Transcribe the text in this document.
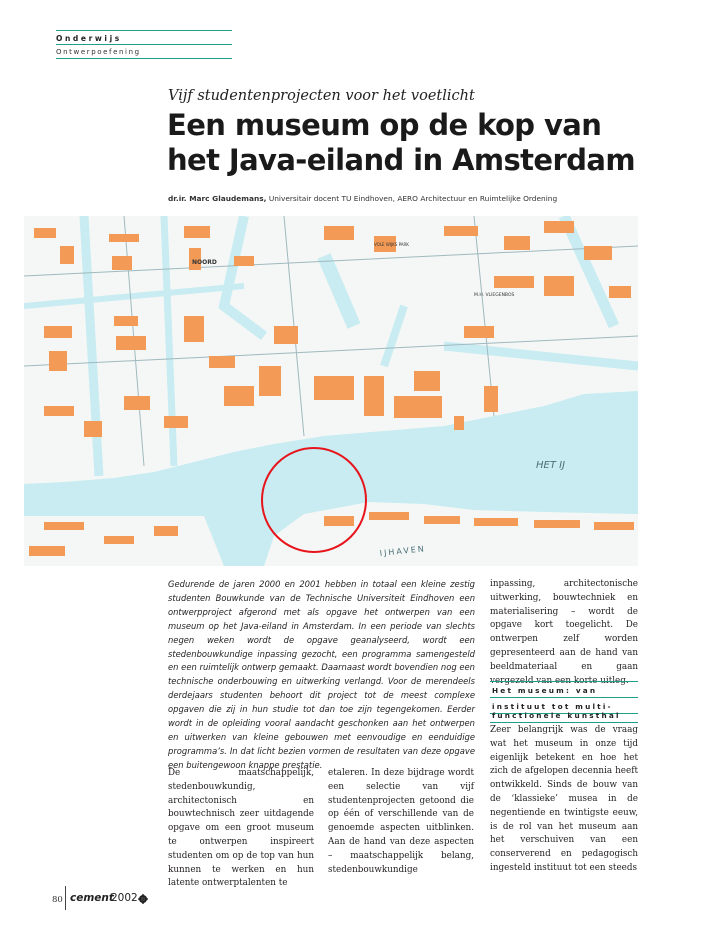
Onderwijs
Ontwerpoefening
Vijf studentenprojecten voor het voetlicht
Een museum op de kop van
het Java-eiland in Amsterdam
dr.ir. Marc Glaudemans, Universitair docent TU Eindhoven, AERO Architectuur en Ruimtelijke Ordening
NOORD
HET IJ
IJHAVEN
VOLE WIJKS PARK
M.H. VLIEGENBOS
Gedurende de jaren 2000 en 2001 hebben in totaal een kleine zestig studenten Bouwkunde van de Technische Universiteit Eindhoven een ontwerpproject afgerond met als opgave het ontwerpen van een museum op het Java-eiland in Amsterdam. In een periode van slechts negen weken wordt de opgave geanalyseerd, wordt een stedenbouwkundige inpassing gezocht, een programma samengesteld en een ruimtelijk ontwerp gemaakt. Daarnaast wordt bovendien nog een technische onderbouwing en uitwerking verlangd. Voor de merendeels derdejaars studenten behoort dit project tot de meest complexe opgaven die zij in hun studie tot dan toe zijn tegengekomen. Eerder wordt in de opleiding vooral aandacht geschonken aan het ontwerpen en uitwerken van kleine gebouwen met eenvoudige en eenduidige programma’s. In dat licht bezien vormen de resultaten van deze opgave een buitengewoon knappe prestatie.
De maatschappelijk, stedenbouwkundig, architectonisch en bouwtechnisch zeer uitdagende opgave om een groot museum te ontwerpen inspireert studenten om op de top van hun kunnen te werken en hun latente ontwerptalenten te
etaleren. In deze bijdrage wordt een selectie van vijf studentenprojecten getoond die op één of verschillende van de genoemde aspecten uitblinken. Aan de hand van deze aspecten – maatschappelijk belang, stedenbouwkundige
inpassing, architectonische uitwerking, bouwtechniek en materialisering – wordt de opgave kort toegelicht. De ontwerpen zelf worden gepresenteerd aan de hand van beeldmateriaal en gaan vergezeld van een korte uitleg.
Het museum: van
instituut tot multi-
functionele kunsthal
Zeer belangrijk was de vraag wat het museum in onze tijd eigenlijk betekent en hoe het zich de afgelopen decennia heeft ontwikkeld. Sinds de bouw van de ‘klassieke’ musea in de negentiende en twintigste eeuw, is de rol van het museum aan het verschuiven van een conserverend en pedagogisch ingesteld instituut tot een steeds
80 cement
2002
